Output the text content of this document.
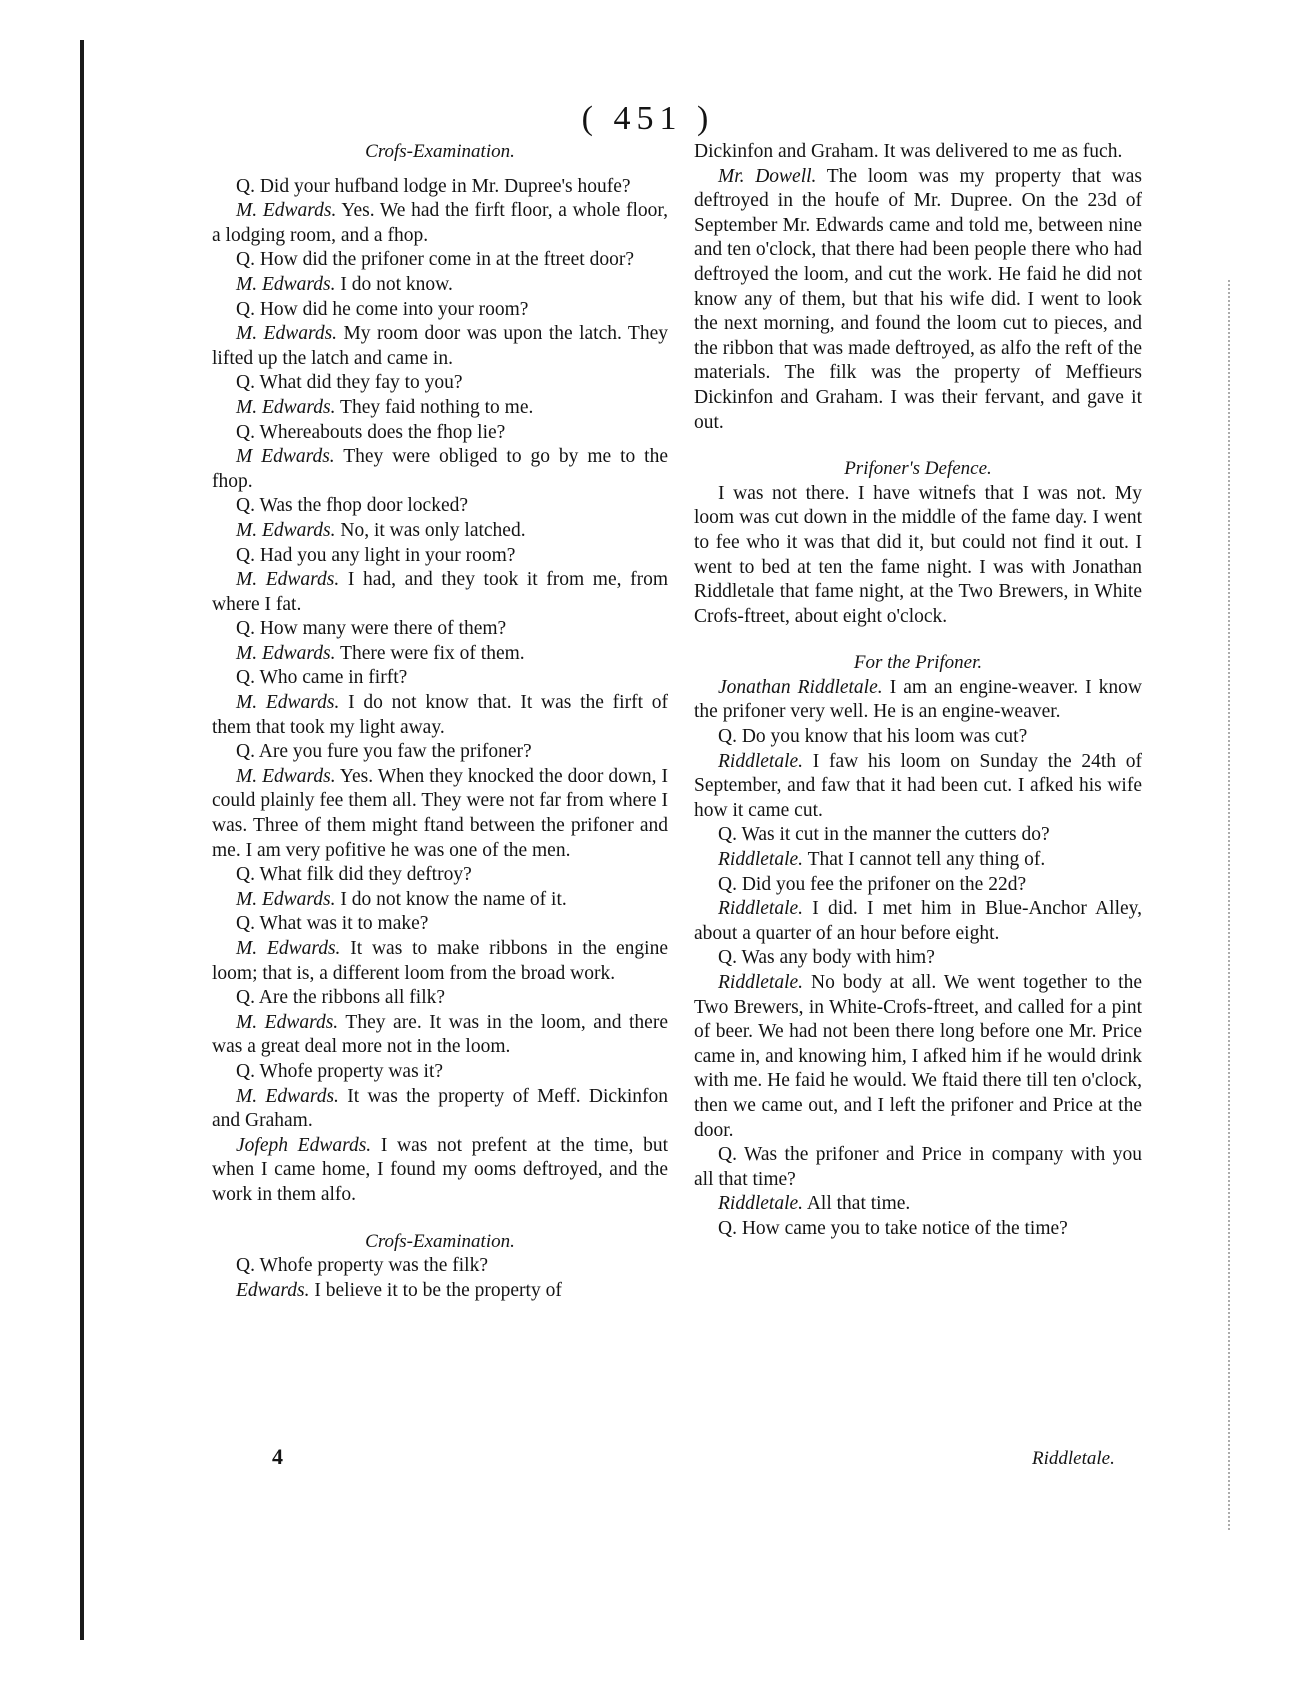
( 451 )
Crofs-Examination.

Q. Did your hufband lodge in Mr. Dupree's houfe?

M. Edwards. Yes. We had the firft floor, a whole floor, a lodging room, and a fhop.

Q. How did the prifoner come in at the ftreet door?

M. Edwards. I do not know.

Q. How did he come into your room?

M. Edwards. My room door was upon the latch. They lifted up the latch and came in.

Q. What did they fay to you?

M. Edwards. They faid nothing to me.

Q. Whereabouts does the fhop lie?

M Edwards. They were obliged to go by me to the fhop.

Q. Was the fhop door locked?

M. Edwards. No, it was only latched.

Q. Had you any light in your room?

M. Edwards. I had, and they took it from me, from where I fat.

Q. How many were there of them?

M. Edwards. There were fix of them.

Q. Who came in firft?

M. Edwards. I do not know that. It was the firft of them that took my light away.

Q. Are you fure you faw the prifoner?

M. Edwards. Yes. When they knocked the door down, I could plainly fee them all. They were not far from where I was. Three of them might ftand between the prifoner and me. I am very pofitive he was one of the men.

Q. What filk did they deftroy?

M. Edwards. I do not know the name of it.

Q. What was it to make?

M. Edwards. It was to make ribbons in the engine loom; that is, a different loom from the broad work.

Q. Are the ribbons all filk?

M. Edwards. They are. It was in the loom, and there was a great deal more not in the loom.

Q. Whofe property was it?

M. Edwards. It was the property of Meff. Dickinfon and Graham.

Jofeph Edwards. I was not prefent at the time, but when I came home, I found my ooms deftroyed, and the work in them alfo.

Crofs-Examination.

Q. Whofe property was the filk?

Edwards. I believe it to be the property of

4

Dickinfon and Graham. It was delivered to me as fuch.

Mr. Dowell. The loom was my property that was deftroyed in the houfe of Mr. Dupree. On the 23d of September Mr. Edwards came and told me, between nine and ten o'clock, that there had been people there who had deftroyed the loom, and cut the work. He faid he did not know any of them, but that his wife did. I went to look the next morning, and found the loom cut to pieces, and the ribbon that was made deftroyed, as alfo the reft of the materials. The filk was the property of Meffieurs Dickinfon and Graham. I was their fervant, and gave it out.

Prifoner's Defence.

I was not there. I have witnefs that I was not. My loom was cut down in the middle of the fame day. I went to fee who it was that did it, but could not find it out. I went to bed at ten the fame night. I was with Jonathan Riddletale that fame night, at the Two Brewers, in White Crofs-ftreet, about eight o'clock.

For the Prifoner.

Jonathan Riddletale. I am an engine-weaver. I know the prifoner very well. He is an engine-weaver.

Q. Do you know that his loom was cut?

Riddletale. I faw his loom on Sunday the 24th of September, and faw that it had been cut. I afked his wife how it came cut.

Q. Was it cut in the manner the cutters do?

Riddletale. That I cannot tell any thing of.

Q. Did you fee the prifoner on the 22d?

Riddletale. I did. I met him in Blue-Anchor Alley, about a quarter of an hour before eight.

Q. Was any body with him?

Riddletale. No body at all. We went together to the Two Brewers, in White-Crofs-ftreet, and called for a pint of beer. We had not been there long before one Mr. Price came in, and knowing him, I afked him if he would drink with me. He faid he would. We ftaid there till ten o'clock, then we came out, and I left the prifoner and Price at the door.

Q. Was the prifoner and Price in company with you all that time?

Riddletale. All that time.

Q. How came you to take notice of the time?

Riddletale.
